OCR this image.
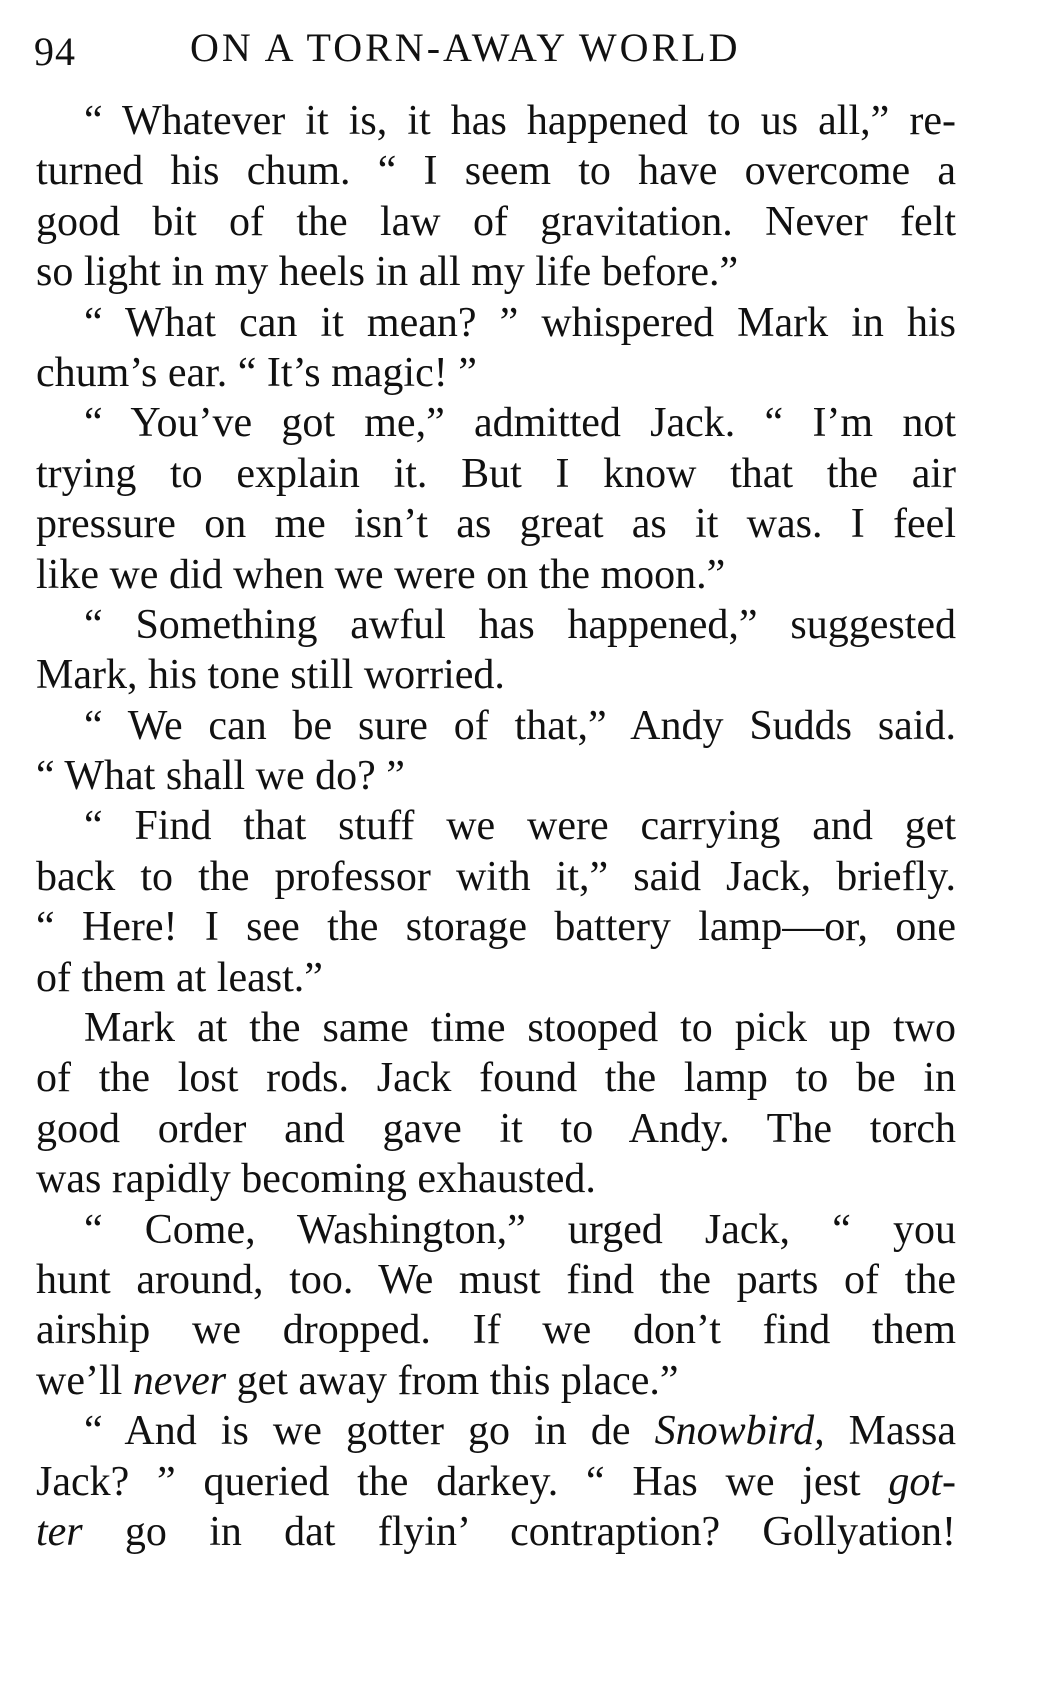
94	ON A TORN-AWAY WORLD
“ Whatever it is, it has happened to us all,” re-
turned his chum. “ I seem to have overcome a
good bit of the law of gravitation. Never felt
so light in my heels in all my life before.”
“ What can it mean? ” whispered Mark in his
chum’s ear. “ It’s magic! ”
“ You’ve got me,” admitted Jack. “ I’m not
trying to explain it. But I know that the air
pressure on me isn’t as great as it was. I feel
like we did when we were on the moon.”
“ Something awful has happened,” suggested
Mark, his tone still worried.
“ We can be sure of that,” Andy Sudds said.
“ What shall we do? ”
“ Find that stuff we were carrying and get
back to the professor with it,” said Jack, briefly.
“ Here! I see the storage battery lamp—or, one
of them at least.”
Mark at the same time stooped to pick up two
of the lost rods. Jack found the lamp to be in
good order and gave it to Andy. The torch
was rapidly becoming exhausted.
“ Come, Washington,” urged Jack, “ you
hunt around, too. We must find the parts of the
airship we dropped. If we don’t find them
we’ll never get away from this place.”
“ And is we gotter go in de Snowbird, Massa
Jack? ” queried the darkey. “ Has we jest got-
ter go in dat flyin’ contraption? Gollyation!
